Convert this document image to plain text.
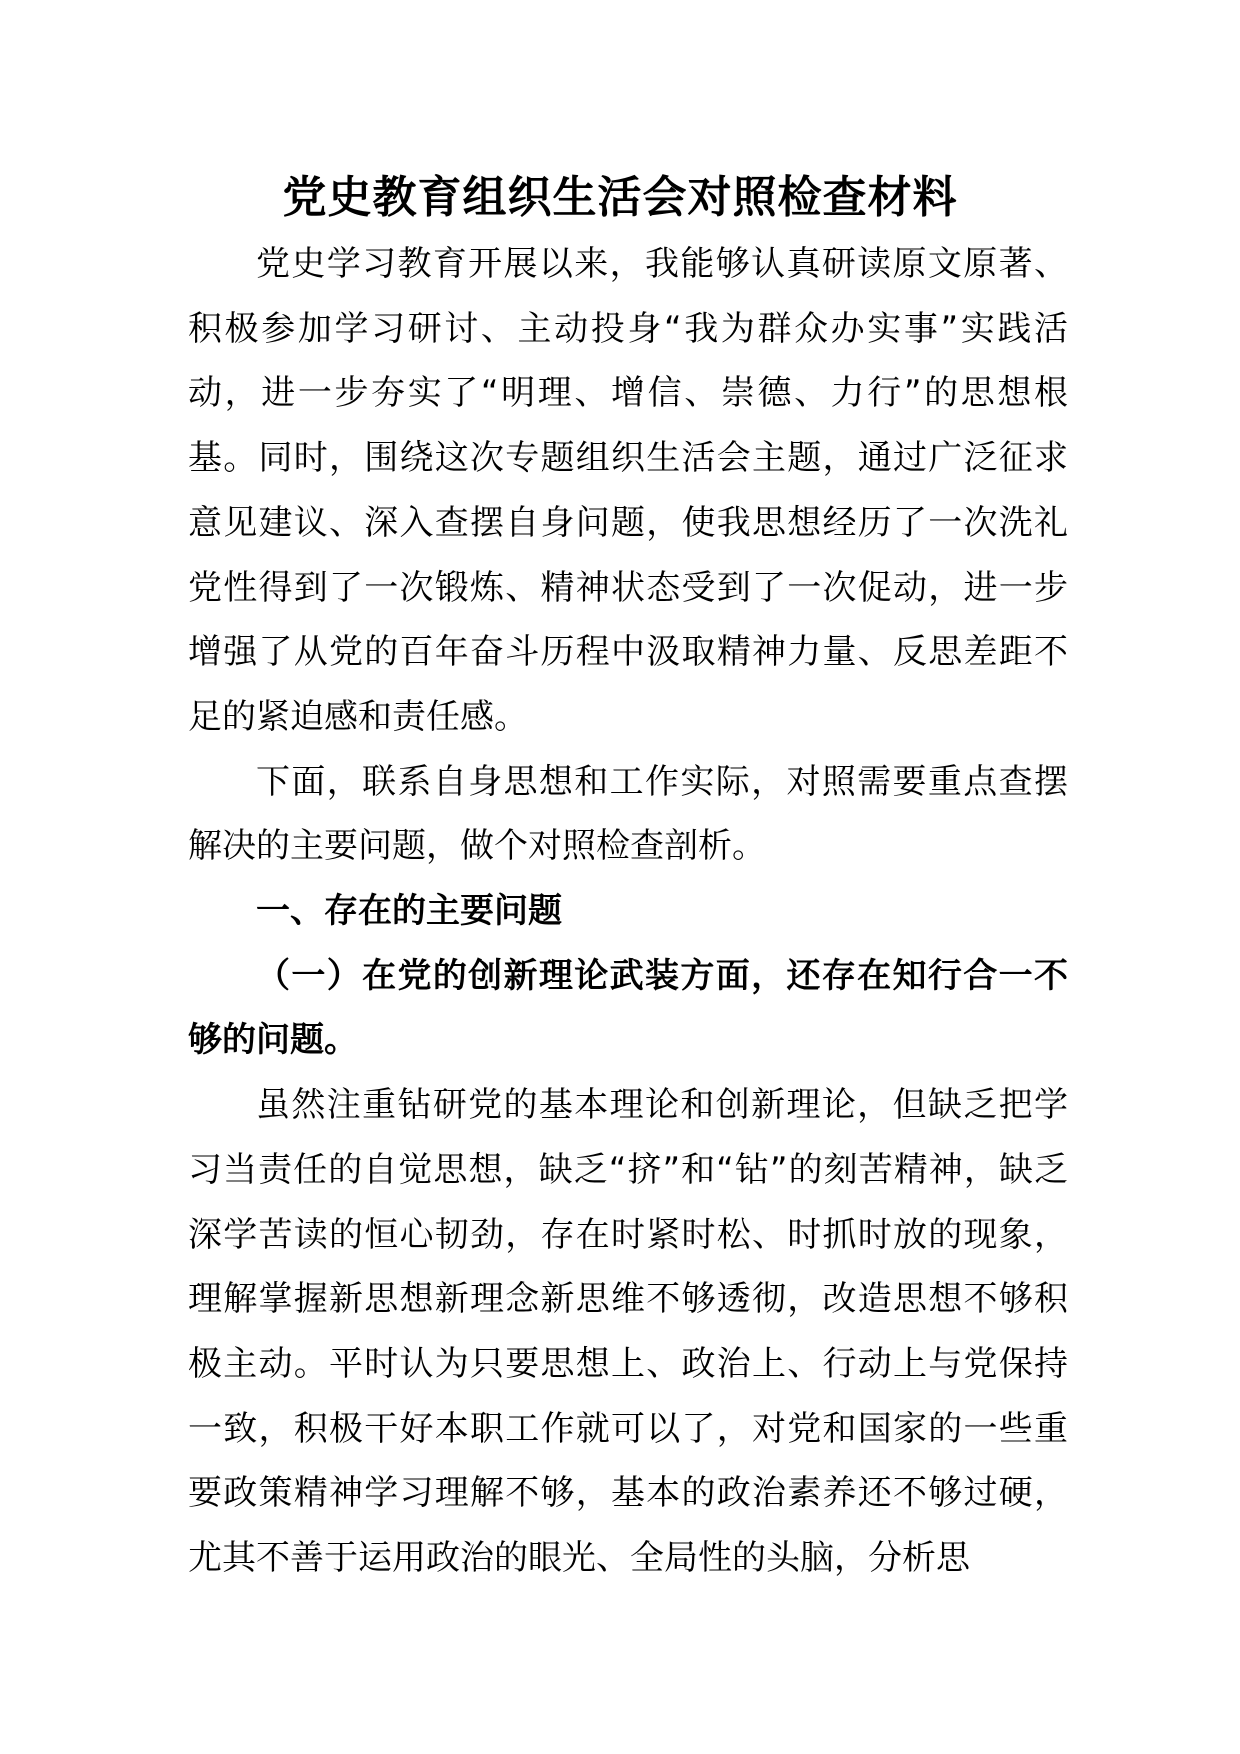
党史教育组织生活会对照检查材料

党史学习教育开展以来，我能够认真研读原文原著、积极参加学习研讨、主动投身“我为群众办实事”实践活动，进一步夯实了“明理、增信、崇德、力行”的思想根基。同时，围绕这次专题组织生活会主题，通过广泛征求意见建议、深入查摆自身问题，使我思想经历了一次洗礼党性得到了一次锻炼、精神状态受到了一次促动，进一步增强了从党的百年奋斗历程中汲取精神力量、反思差距不足的紧迫感和责任感。

下面，联系自身思想和工作实际，对照需要重点查摆解决的主要问题，做个对照检查剖析。

一、存在的主要问题

（一）在党的创新理论武装方面，还存在知行合一不够的问题。

虽然注重钻研党的基本理论和创新理论，但缺乏把学习当责任的自觉思想，缺乏“挤”和“钻”的刻苦精神，缺乏深学苦读的恒心韧劲，存在时紧时松、时抓时放的现象，理解掌握新思想新理念新思维不够透彻，改造思想不够积极主动。平时认为只要思想上、政治上、行动上与党保持一致，积极干好本职工作就可以了，对党和国家的一些重要政策精神学习理解不够，基本的政治素养还不够过硬，尤其不善于运用政治的眼光、全局性的头脑，分析思
